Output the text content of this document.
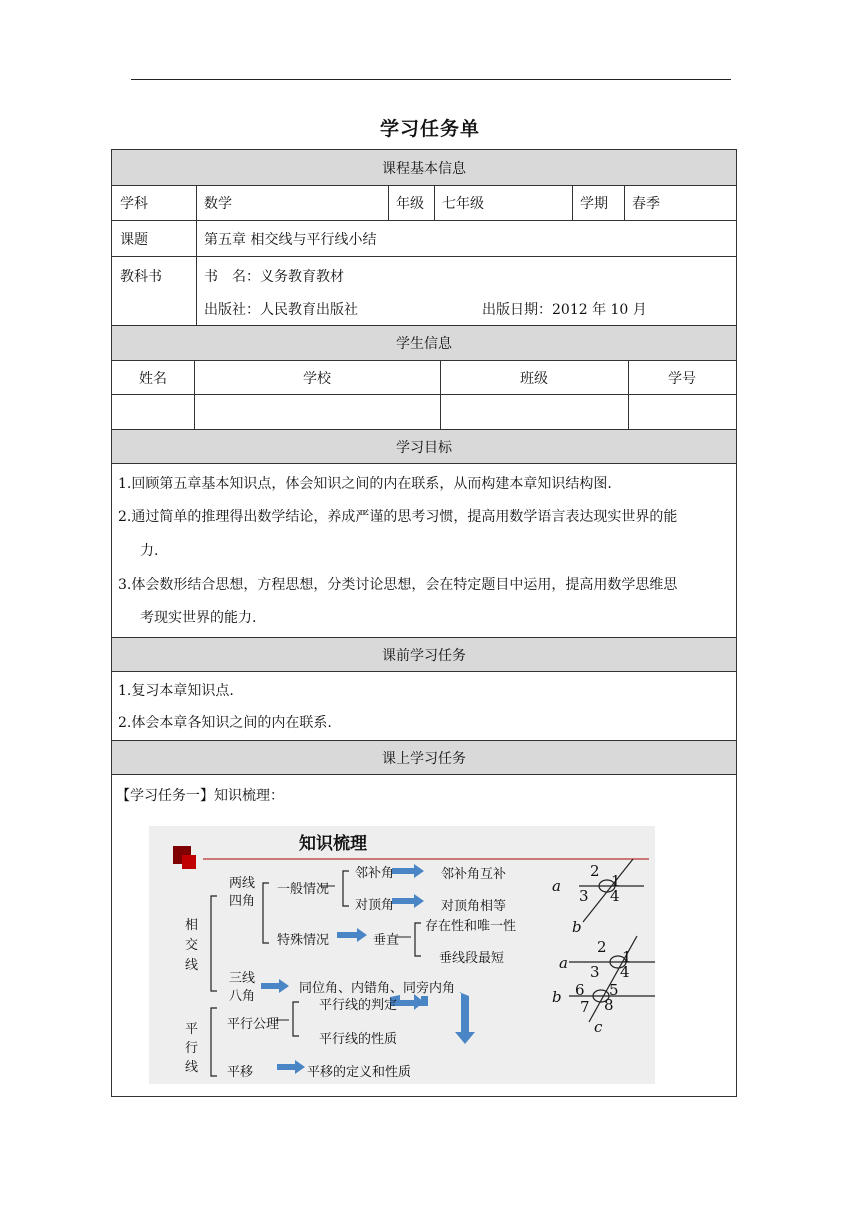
学习任务单
课程基本信息
学科	数学	年级	七年级	学期	春季
课题	第五章 相交线与平行线小结
教科书	书　名：义务教育教材
出版社：人民教育出版社	出版日期：2012 年 10 月
学生信息
姓名	学校	班级	学号
学习目标
1.回顾第五章基本知识点，体会知识之间的内在联系，从而构建本章知识结构图.
2.通过简单的推理得出数学结论，养成严谨的思考习惯，提高用数学语言表达现实世界的能
力.
3.体会数形结合思想，方程思想，分类讨论思想，会在特定题目中运用，提高用数学思维思
考现实世界的能力.
课前学习任务
1.复习本章知识点.
2.体会本章各知识之间的内在联系.
课上学习任务
【学习任务一】知识梳理：
知识梳理
相
交
线
两线
四角
一般情况
邻补角	邻补角互补
对顶角	对顶角相等
特殊情况	垂直
存在性和唯一性
垂线段最短
三线
八角
同位角、内错角、同旁内角
平
行
线
平行公理
平行线的判定
平行线的性质
平移	平移的定义和性质
a
b
2
1
3 4
a
b
c
2
1
3 4
6 5
7 8
